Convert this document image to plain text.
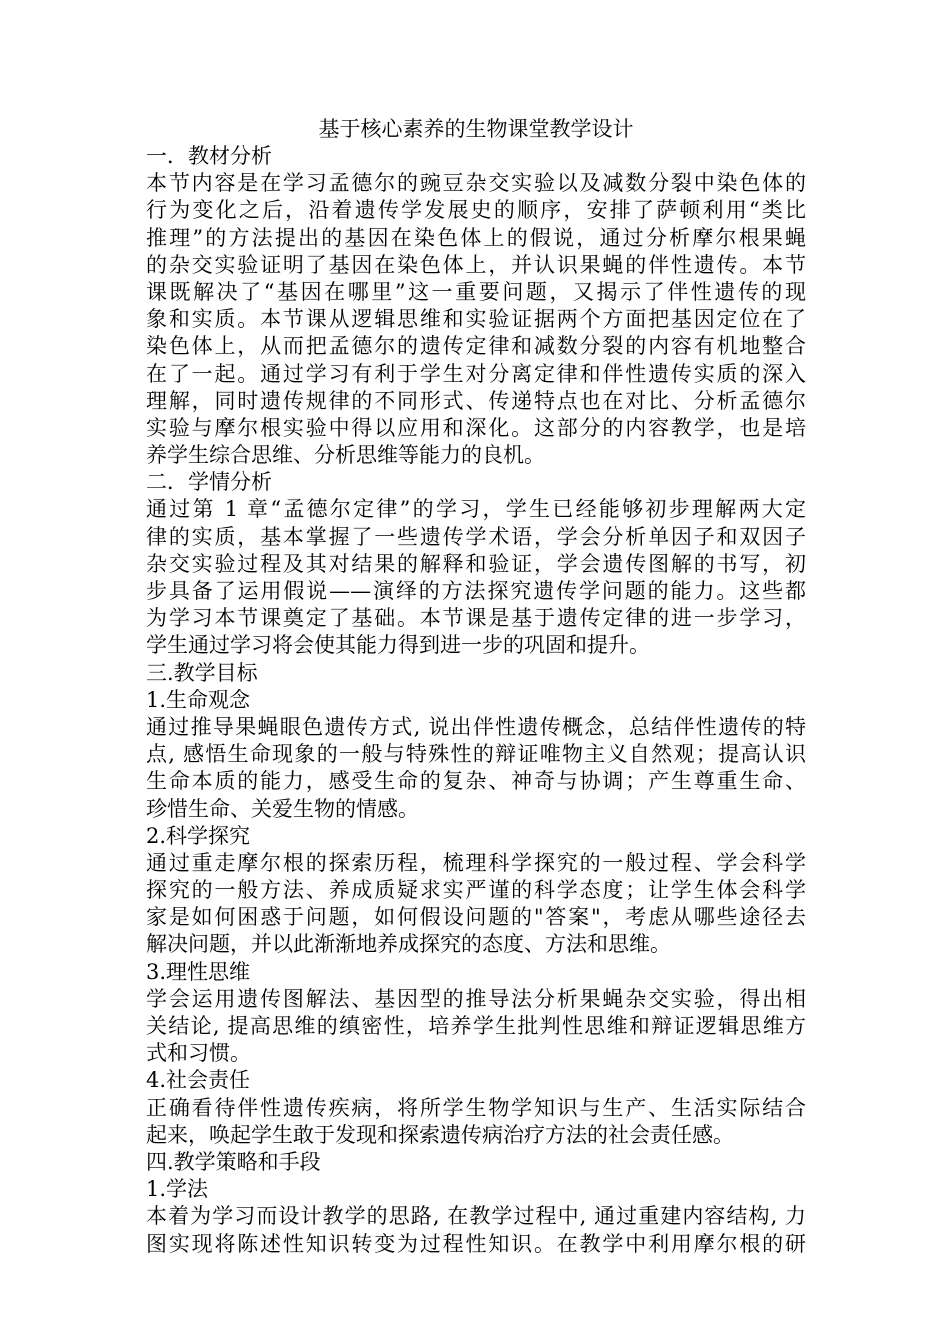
基于核心素养的生物课堂教学设计
一．教材分析
本节内容是在学习孟德尔的豌豆杂交实验以及减数分裂中染色体的
行为变化之后，沿着遗传学发展史的顺序，安排了萨顿利用“类比
推理”的方法提出的基因在染色体上的假说，通过分析摩尔根果蝇
的杂交实验证明了基因在染色体上，并认识果蝇的伴性遗传。本节
课既解决了“基因在哪里”这一重要问题，又揭示了伴性遗传的现
象和实质。本节课从逻辑思维和实验证据两个方面把基因定位在了
染色体上，从而把孟德尔的遗传定律和减数分裂的内容有机地整合
在了一起。通过学习有利于学生对分离定律和伴性遗传实质的深入
理解，同时遗传规律的不同形式、传递特点也在对比、分析孟德尔
实验与摩尔根实验中得以应用和深化。这部分的内容教学，也是培
养学生综合思维、分析思维等能力的良机。
二．学情分析
通过第 1 章“孟德尔定律”的学习，学生已经能够初步理解两大定
律的实质，基本掌握了一些遗传学术语，学会分析单因子和双因子
杂交实验过程及其对结果的解释和验证，学会遗传图解的书写，初
步具备了运用假说——演绎的方法探究遗传学问题的能力。这些都
为学习本节课奠定了基础。本节课是基于遗传定律的进一步学习，
学生通过学习将会使其能力得到进一步的巩固和提升。
三.教学目标
1.生命观念
通过推导果蝇眼色遗传方式, 说出伴性遗传概念，总结伴性遗传的特
点, 感悟生命现象的一般与特殊性的辩证唯物主义自然观；提高认识
生命本质的能力，感受生命的复杂、神奇与协调；产生尊重生命、
珍惜生命、关爱生物的情感。
2.科学探究
通过重走摩尔根的探索历程，梳理科学探究的一般过程、学会科学
探究的一般方法、养成质疑求实严谨的科学态度；让学生体会科学
家是如何困惑于问题，如何假设问题的"答案"，考虑从哪些途径去
解决问题，并以此渐渐地养成探究的态度、方法和思维。
3.理性思维
学会运用遗传图解法、基因型的推导法分析果蝇杂交实验，得出相
关结论, 提高思维的缜密性，培养学生批判性思维和辩证逻辑思维方
式和习惯。
4.社会责任
正确看待伴性遗传疾病，将所学生物学知识与生产、生活实际结合
起来，唤起学生敢于发现和探索遗传病治疗方法的社会责任感。
四.教学策略和手段
1.学法
本着为学习而设计教学的思路, 在教学过程中, 通过重建内容结构, 力
图实现将陈述性知识转变为过程性知识。在教学中利用摩尔根的研
